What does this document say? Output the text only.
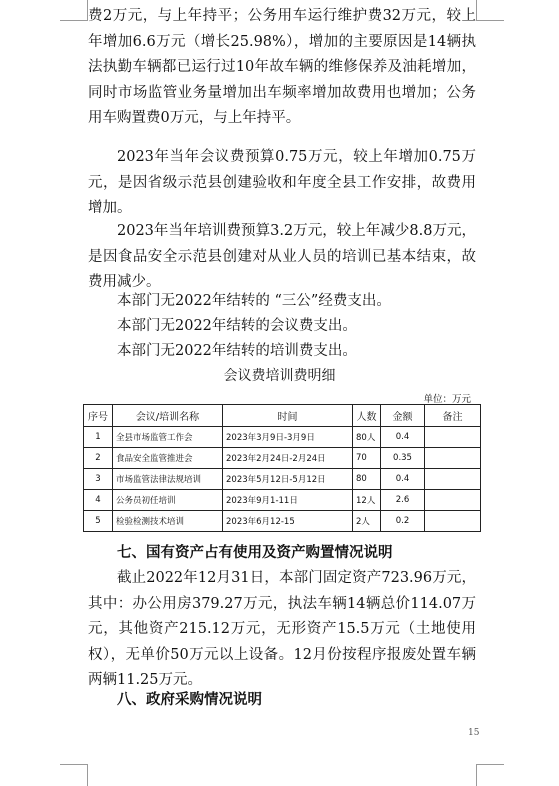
费2万元，与上年持平；公务用车运行维护费32万元，较上年增加6.6万元（增长25.98%），增加的主要原因是14辆执法执勤车辆都已运行过10年故车辆的维修保养及油耗增加，同时市场监管业务量增加出车频率增加故费用也增加；公务用车购置费0万元，与上年持平。

2023年当年会议费预算0.75万元，较上年增加0.75万元，是因省级示范县创建验收和年度全县工作安排，故费用增加。

2023年当年培训费预算3.2万元，较上年减少8.8万元，是因食品安全示范县创建对从业人员的培训已基本结束，故费用减少。

本部门无2022年结转的 “三公”经费支出。

本部门无2022年结转的会议费支出。

本部门无2022年结转的培训费支出。

会议费培训费明细
单位：万元
序号	会议/培训名称	时间	人数	金额	备注
1	全县市场监管工作会	2023年3月9日-3月9日	80人	0.4	
2	食品安全监管推进会	2023年2月24日-2月24日	70	0.35	
3	市场监管法律法规培训	2023年5月12日-5月12日	80	0.4	
4	公务员初任培训	2023年9月1-11日	12人	2.6	
5	检验检测技术培训	2023年6月12-15	2人	0.2	

七、国有资产占有使用及资产购置情况说明

截止2022年12月31日，本部门固定资产723.96万元，其中：办公用房379.27万元，执法车辆14辆总价114.07万元，其他资产215.12万元，无形资产15.5万元（土地使用权），无单价50万元以上设备。12月份按程序报废处置车辆两辆11.25万元。

八、政府采购情况说明

15
